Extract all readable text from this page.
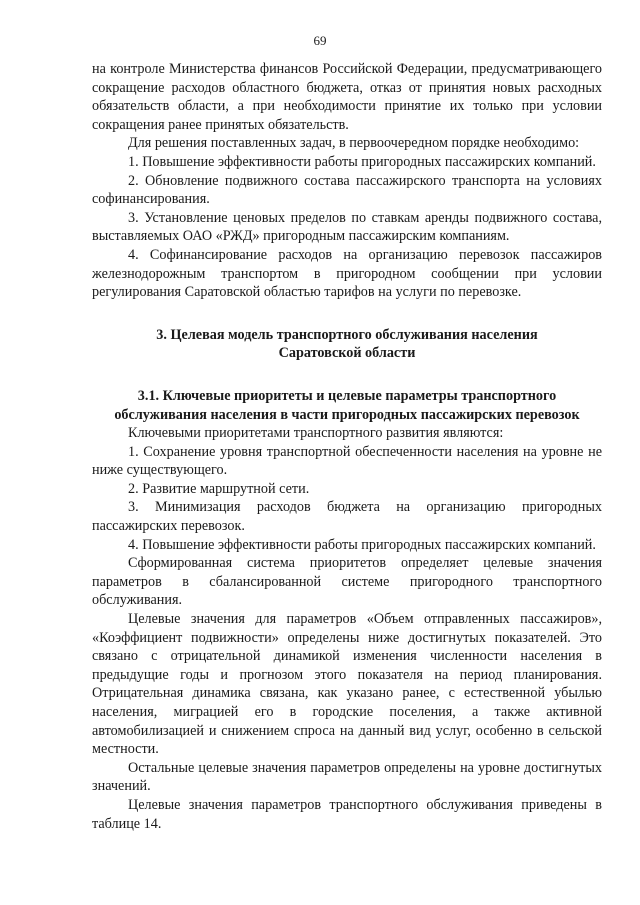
69

на контроле Министерства финансов Российской Федерации, предусматривающего сокращение расходов областного бюджета, отказ от принятия новых расходных обязательств области, а при необходимости принятие их только при условии сокращения ранее принятых обязательств.

Для решения поставленных задач, в первоочередном порядке необходимо:

1. Повышение эффективности работы пригородных пассажирских компаний.

2. Обновление подвижного состава пассажирского транспорта на условиях софинансирования.

3. Установление ценовых пределов по ставкам аренды подвижного состава, выставляемых ОАО «РЖД» пригородным пассажирским компаниям.

4. Софинансирование расходов на организацию перевозок пассажиров железнодорожным транспортом в пригородном сообщении при условии регулирования Саратовской областью тарифов на услуги по перевозке.

3. Целевая модель транспортного обслуживания населения
Саратовской области
3.1. Ключевые приоритеты и целевые параметры транспортного
обслуживания населения в части пригородных пассажирских перевозок

Ключевыми приоритетами транспортного развития являются:

1. Сохранение уровня транспортной обеспеченности населения на уровне не ниже существующего.

2. Развитие маршрутной сети.

3. Минимизация расходов бюджета на организацию пригородных пассажирских перевозок.

4. Повышение эффективности работы пригородных пассажирских компаний.

Сформированная система приоритетов определяет целевые значения параметров в сбалансированной системе пригородного транспортного обслуживания.

Целевые значения для параметров «Объем отправленных пассажиров», «Коэффициент подвижности» определены ниже достигнутых показателей. Это связано с отрицательной динамикой изменения численности населения в предыдущие годы и прогнозом этого показателя на период планирования. Отрицательная динамика связана, как указано ранее, с естественной убылью населения, миграцией его в городские поселения, а также активной автомобилизацией и снижением спроса на данный вид услуг, особенно в сельской местности.

Остальные целевые значения параметров определены на уровне достигнутых значений.

Целевые значения параметров транспортного обслуживания приведены в таблице 14.
